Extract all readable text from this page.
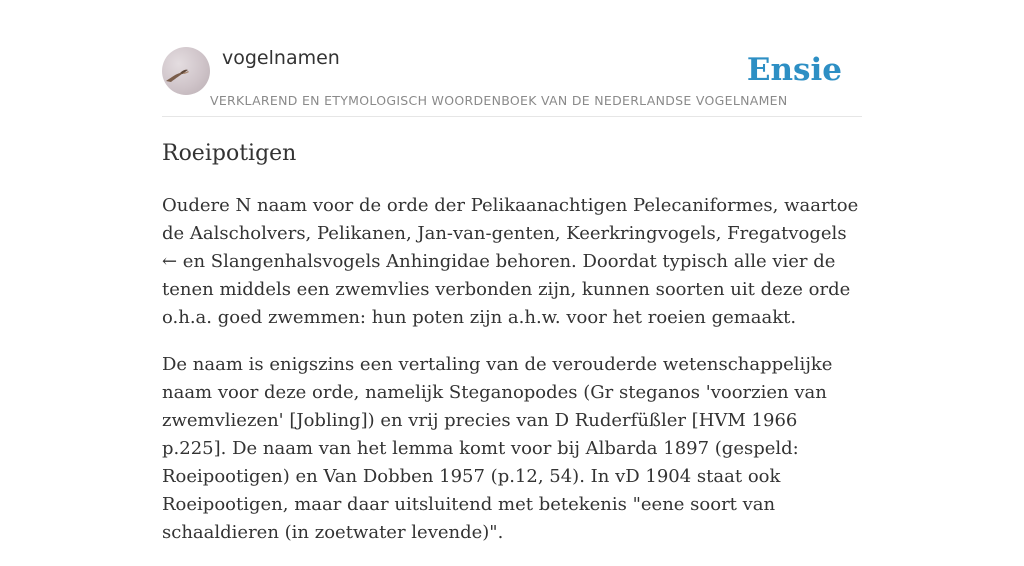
vogelnamen
VERKLAREND EN ETYMOLOGISCH WOORDENBOEK VAN DE NEDERLANDSE VOGELNAMEN
Ensie
Roeipotigen

Oudere N naam voor de orde der Pelikaanachtigen Pelecaniformes, waartoe de Aalscholvers, Pelikanen, Jan-van-genten, Keerkringvogels, Fregatvogels ← en Slangenhalsvogels Anhingidae behoren. Doordat typisch alle vier de tenen middels een zwemvlies verbonden zijn, kunnen soorten uit deze orde o.h.a. goed zwemmen: hun poten zijn a.h.w. voor het roeien gemaakt.

De naam is enigszins een vertaling van de verouderde wetenschappelijke naam voor deze orde, namelijk Steganopodes (Gr steganos 'voorzien van zwemvliezen' [Jobling]) en vrij precies van D Ruderfüßler [HVM 1966 p.225]. De naam van het lemma komt voor bij Albarda 1897 (gespeld: Roeipootigen) en Van Dobben 1957 (p.12, 54). In vD 1904 staat ook Roeipootigen, maar daar uitsluitend met betekenis "eene soort van schaaldieren (in zoetwater levende)".
